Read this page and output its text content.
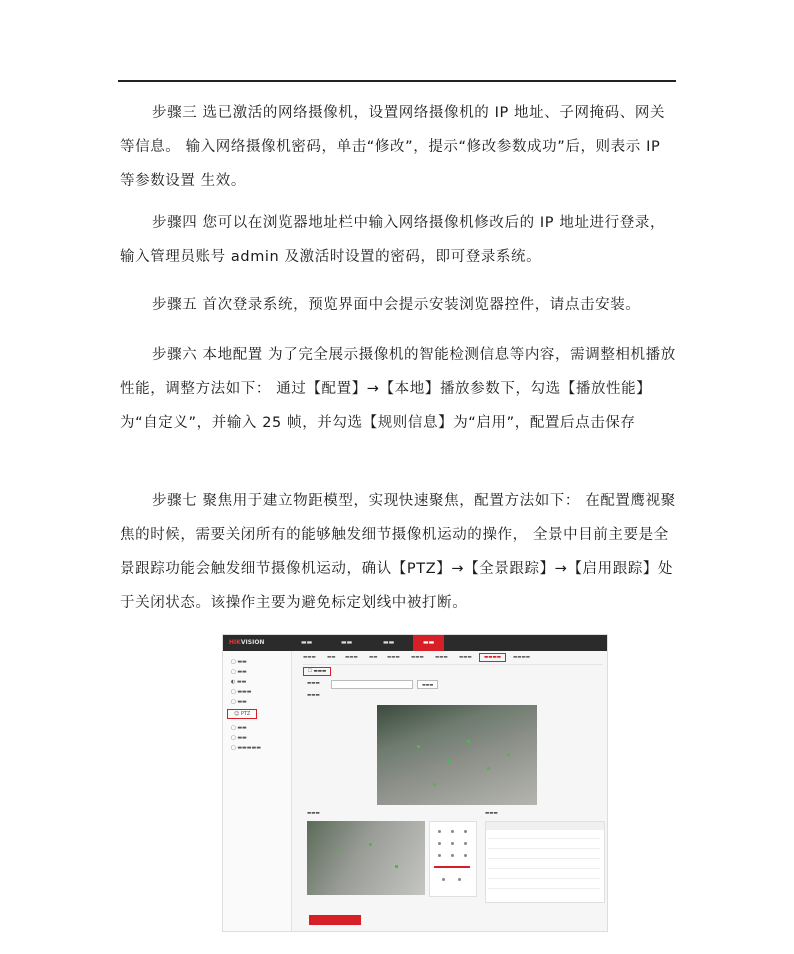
步骤三 选已激活的网络摄像机，设置网络摄像机的 IP 地址、子网掩码、网关等信息。 输入网络摄像机密码，单击“修改”，提示“修改参数成功”后，则表示 IP 等参数设置 生效。

步骤四 您可以在浏览器地址栏中输入网络摄像机修改后的 IP 地址进行登录，输入管理员账号 admin 及激活时设置的密码，即可登录系统。

步骤五 首次登录系统，预览界面中会提示安装浏览器控件，请点击安装。

步骤六 本地配置 为了完全展示摄像机的智能检测信息等内容，需调整相机播放性能，调整方法如下： 通过【配置】→【本地】播放参数下，勾选【播放性能】为“自定义”，并输入 25 帧，并勾选【规则信息】为“启用”，配置后点击保存

步骤七 聚焦用于建立物距模型，实现快速聚焦，配置方法如下： 在配置鹰视聚焦的时候，需要关闭所有的能够触发细节摄像机运动的操作， 全景中目前主要是全景跟踪功能会触发细节摄像机运动，确认【PTZ】→【全景跟踪】→【启用跟踪】处于关闭状态。该操作主要为避免标定划线中被打断。

HIKVISION	▬▬	▬▬	▬▬	▬▬
▢ ▬▬
▢ ▬▬
◐ ▬▬
▢ ▬▬▬
▢ ▬▬
☺ PTZ
▢ ▬▬
▢ ▬▬
▢ ▬▬▬▬▬
▬▬▬ ▬▬ ▬▬▬ ▬▬ ▬▬▬ ▬▬▬ ▬▬▬ ▬▬▬	▬▬▬▬	▬▬▬▬
☐ ▬▬▬
▬▬▬	▬▬▬
▬▬▬
▬▬▬	▬▬▬
